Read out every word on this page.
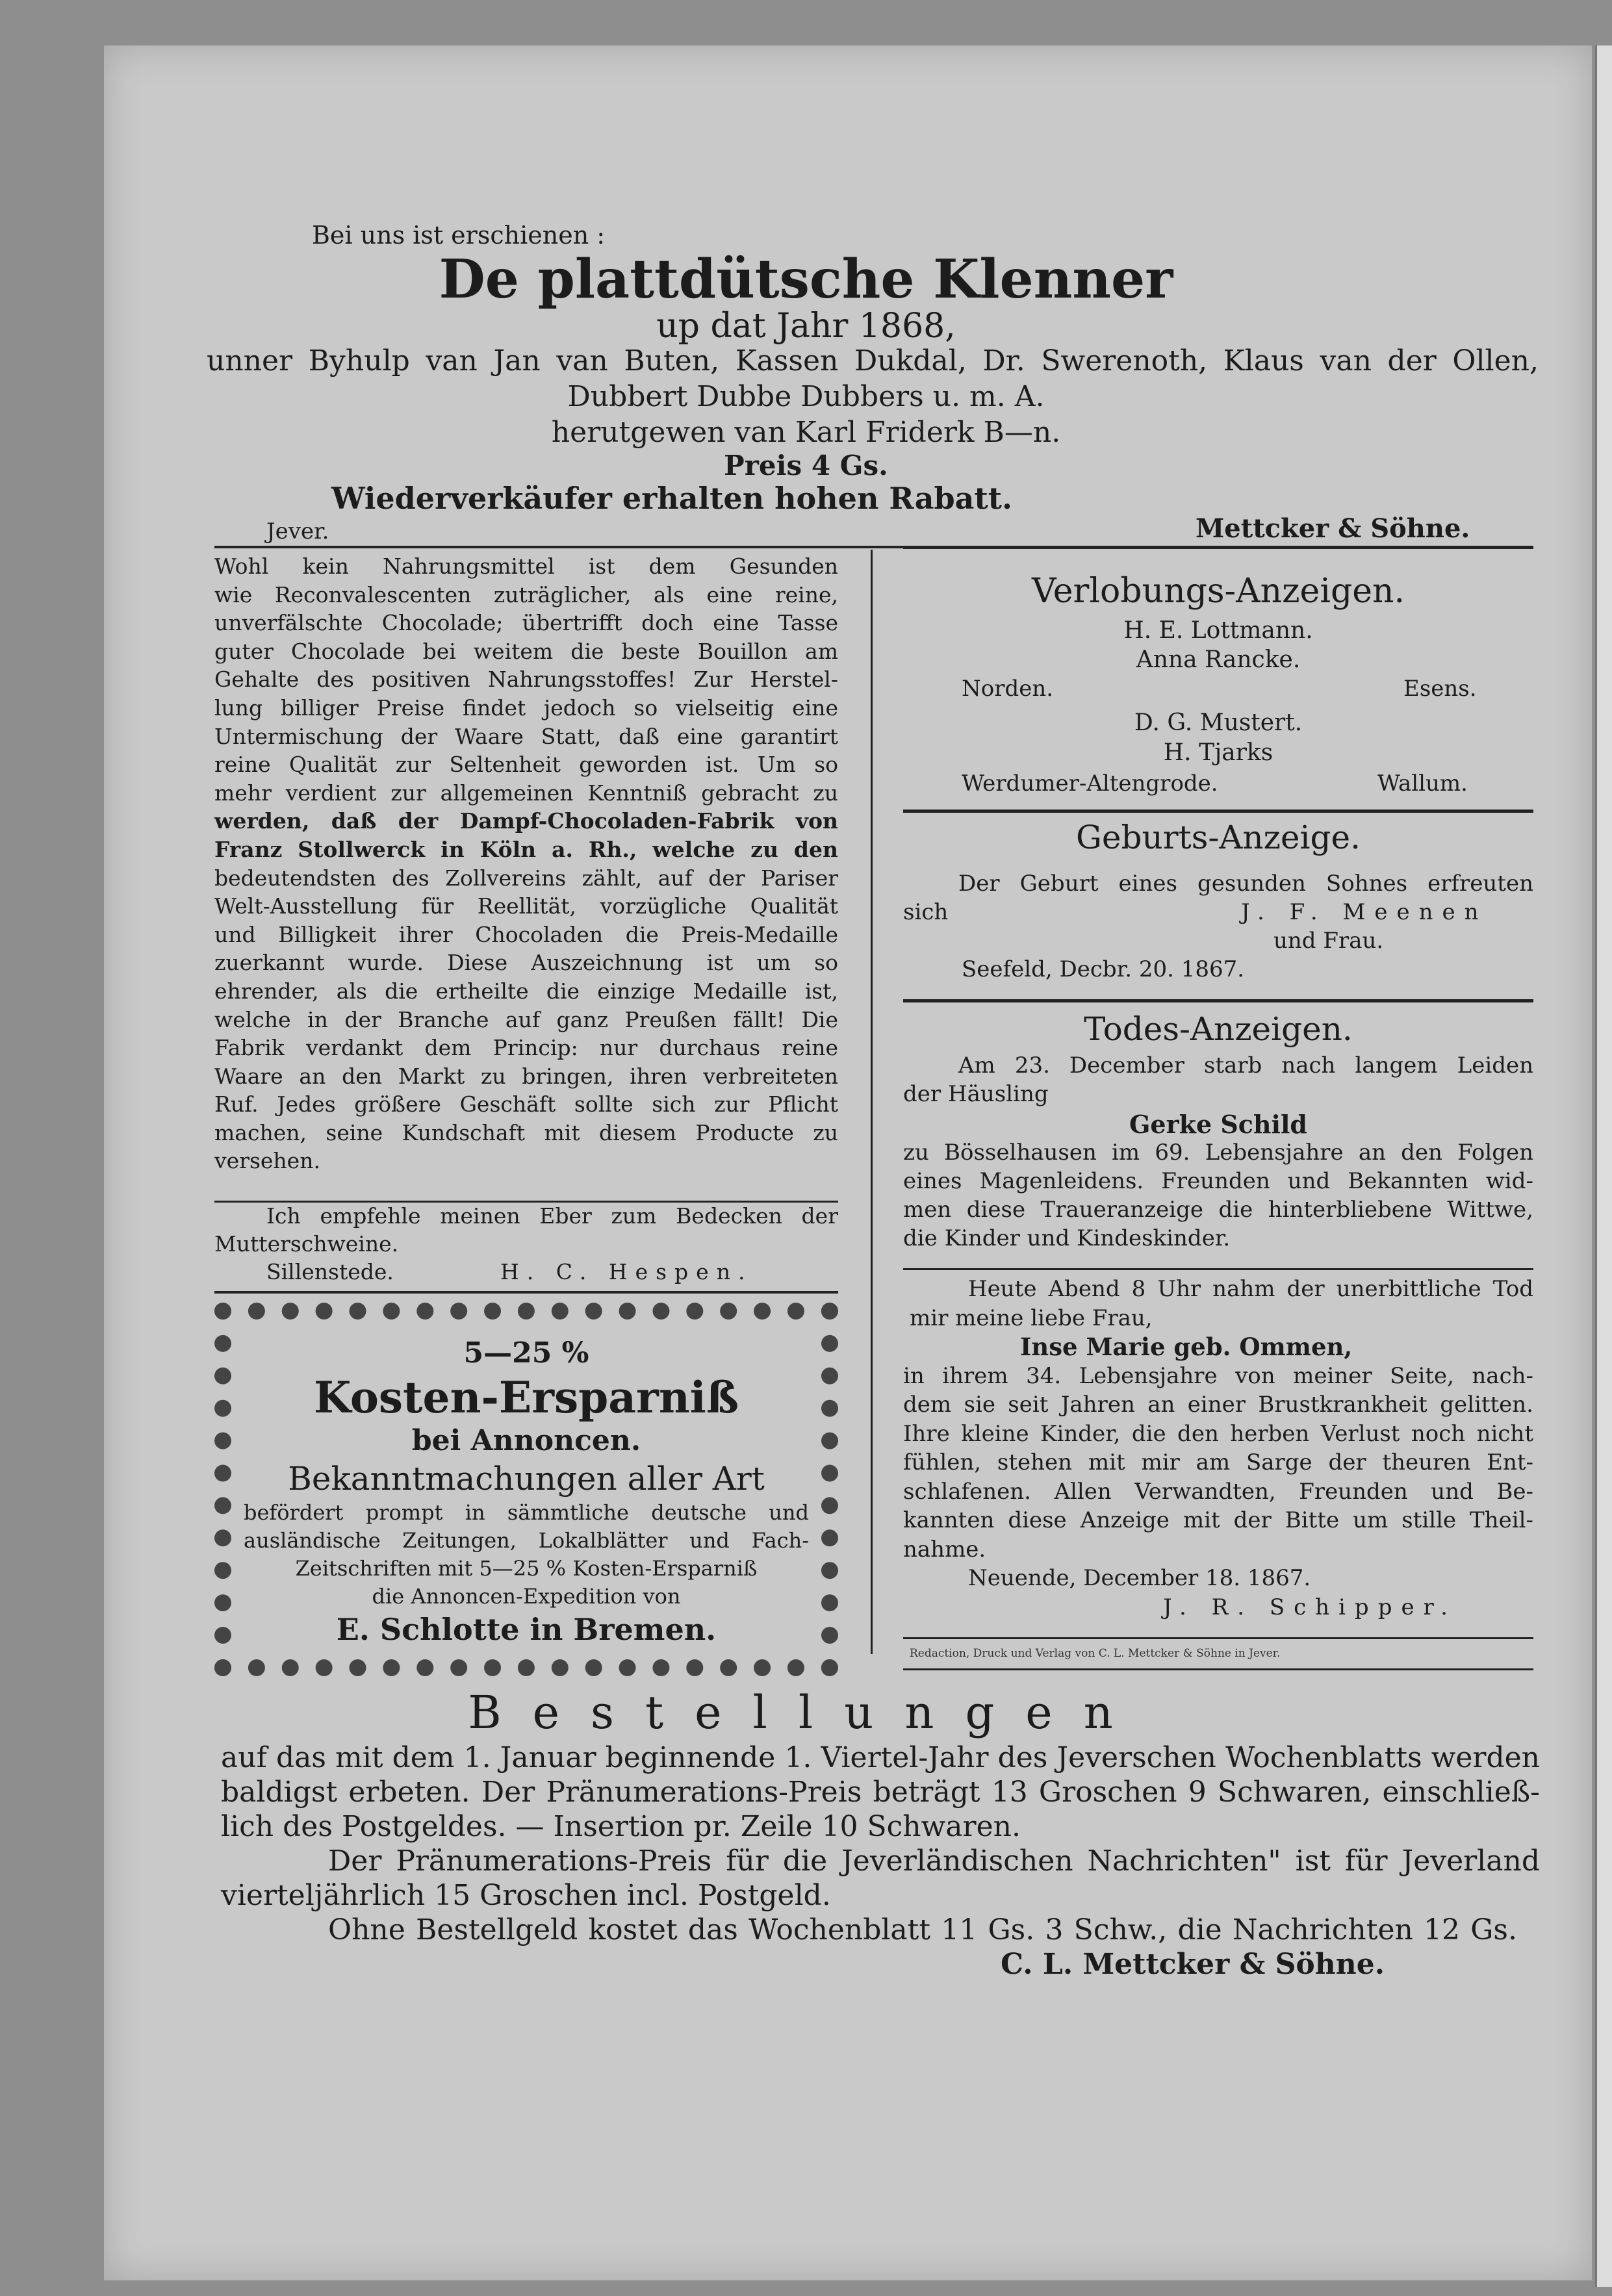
Bei uns ist erschienen :
De plattdütsche Klenner
up dat Jahr 1868,
unner Byhulp van Jan van Buten, Kassen Dukdal, Dr. Swerenoth, Klaus van der Ollen,
Dubbert Dubbe Dubbers u. m. A.
herutgewen van Karl Friderk B—n.
Preis 4 Gs.
Wiederverkäufer erhalten hohen Rabatt.
Jever.	Mettcker & Söhne.
Wohl kein Nahrungsmittel ist dem Gesunden
wie Reconvalescenten zuträglicher, als eine reine,
unverfälschte Chocolade; übertrifft doch eine Tasse
guter Chocolade bei weitem die beste Bouillon am
Gehalte des positiven Nahrungsstoffes! Zur Herstel-
lung billiger Preise findet jedoch so vielseitig eine
Untermischung der Waare Statt, daß eine garantirt
reine Qualität zur Seltenheit geworden ist. Um so
mehr verdient zur allgemeinen Kenntniß gebracht zu
werden, daß der Dampf-Chocoladen-Fabrik von
Franz Stollwerck in Köln a. Rh., welche zu den
bedeutendsten des Zollvereins zählt, auf der Pariser
Welt-Ausstellung für Reellität, vorzügliche Qualität
und Billigkeit ihrer Chocoladen die Preis-Medaille
zuerkannt wurde. Diese Auszeichnung ist um so
ehrender, als die ertheilte die einzige Medaille ist,
welche in der Branche auf ganz Preußen fällt! Die
Fabrik verdankt dem Princip: nur durchaus reine
Waare an den Markt zu bringen, ihren verbreiteten
Ruf. Jedes größere Geschäft sollte sich zur Pflicht
machen, seine Kundschaft mit diesem Producte zu
versehen.
Ich empfehle meinen Eber zum Bedecken der
Mutterschweine.
Sillenstede.	H. C. Hespen.
5—25 %
Kosten-Ersparniß
bei Annoncen.
Bekanntmachungen aller Art
befördert prompt in sämmtliche deutsche und
ausländische Zeitungen, Lokalblätter und Fach-
Zeitschriften mit 5—25 % Kosten-Ersparniß
die Annoncen-Expedition von
E. Schlotte in Bremen.
Verlobungs-Anzeigen.
H. E. Lottmann.
Anna Rancke.
Norden.	Esens.
D. G. Mustert.
H. Tjarks
Werdumer-Altengrode.	Wallum.
Geburts-Anzeige.
Der Geburt eines gesunden Sohnes erfreuten
sich	J. F. Meenen
und Frau.
Seefeld, Decbr. 20. 1867.
Todes-Anzeigen.
Am 23. December starb nach langem Leiden
der Häusling
Gerke Schild
zu Bösselhausen im 69. Lebensjahre an den Folgen
eines Magenleidens. Freunden und Bekannten wid-
men diese Traueranzeige die hinterbliebene Wittwe,
die Kinder und Kindeskinder.
Heute Abend 8 Uhr nahm der unerbittliche Tod
mir meine liebe Frau,
Inse Marie geb. Ommen,
in ihrem 34. Lebensjahre von meiner Seite, nach-
dem sie seit Jahren an einer Brustkrankheit gelitten.
Ihre kleine Kinder, die den herben Verlust noch nicht
fühlen, stehen mit mir am Sarge der theuren Ent-
schlafenen. Allen Verwandten, Freunden und Be-
kannten diese Anzeige mit der Bitte um stille Theil-
nahme.
Neuende, December 18. 1867.
J. R. Schipper.
Redaction, Druck und Verlag von C. L. Mettcker & Söhne in Jever.
Bestellungen
auf das mit dem 1. Januar beginnende 1. Viertel-Jahr des Jeverschen Wochenblatts werden
baldigst erbeten. Der Pränumerations-Preis beträgt 13 Groschen 9 Schwaren, einschließ-
lich des Postgeldes. — Insertion pr. Zeile 10 Schwaren.
Der Pränumerations-Preis für die Jeverländischen Nachrichten" ist für Jeverland
vierteljährlich 15 Groschen incl. Postgeld.
Ohne Bestellgeld kostet das Wochenblatt 11 Gs. 3 Schw., die Nachrichten 12 Gs.
C. L. Mettcker & Söhne.
